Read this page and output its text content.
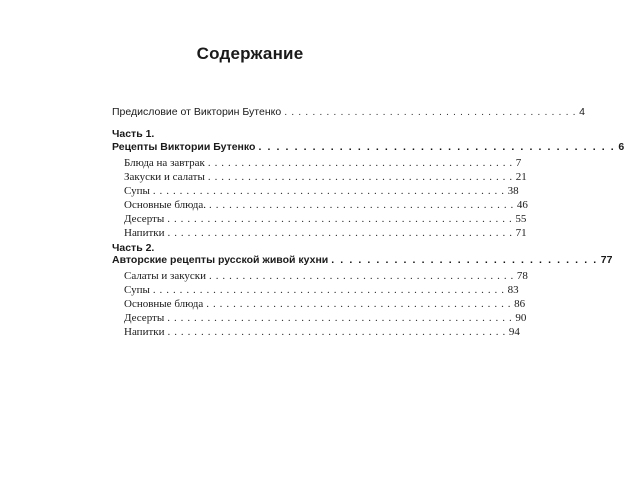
Содержание
Предисловие от Викторин Бутенко . . . . . . . . . . . . . . . . . . . . . . . . . . . . . . . . . . . . . . . . . . 4
Часть 1.
Рецепты Виктории Бутенко . . . . . . . . . . . . . . . . . . . . . . . . . . . . . . . . . . . . . . . . 6
Блюда на завтрак . . . . . . . . . . . . . . . . . . . . . . . . . . . . . . . . . . . . . . . . . . . . . . 7
Закуски и салаты . . . . . . . . . . . . . . . . . . . . . . . . . . . . . . . . . . . . . . . . . . . . . . 21
Супы . . . . . . . . . . . . . . . . . . . . . . . . . . . . . . . . . . . . . . . . . . . . . . . . . . . . . 38
Основные блюда. . . . . . . . . . . . . . . . . . . . . . . . . . . . . . . . . . . . . . . . . . . . . . . 46
Десерты . . . . . . . . . . . . . . . . . . . . . . . . . . . . . . . . . . . . . . . . . . . . . . . . . . . . 55
Напитки . . . . . . . . . . . . . . . . . . . . . . . . . . . . . . . . . . . . . . . . . . . . . . . . . . . . 71
Часть 2.
Авторские рецепты русской живой кухни . . . . . . . . . . . . . . . . . . . . . . . . . . . . . . 77
Салаты и закуски . . . . . . . . . . . . . . . . . . . . . . . . . . . . . . . . . . . . . . . . . . . . . . 78
Супы . . . . . . . . . . . . . . . . . . . . . . . . . . . . . . . . . . . . . . . . . . . . . . . . . . . . . 83
Основные блюда . . . . . . . . . . . . . . . . . . . . . . . . . . . . . . . . . . . . . . . . . . . . . . 86
Десерты . . . . . . . . . . . . . . . . . . . . . . . . . . . . . . . . . . . . . . . . . . . . . . . . . . . . 90
Напитки . . . . . . . . . . . . . . . . . . . . . . . . . . . . . . . . . . . . . . . . . . . . . . . . . . . 94
